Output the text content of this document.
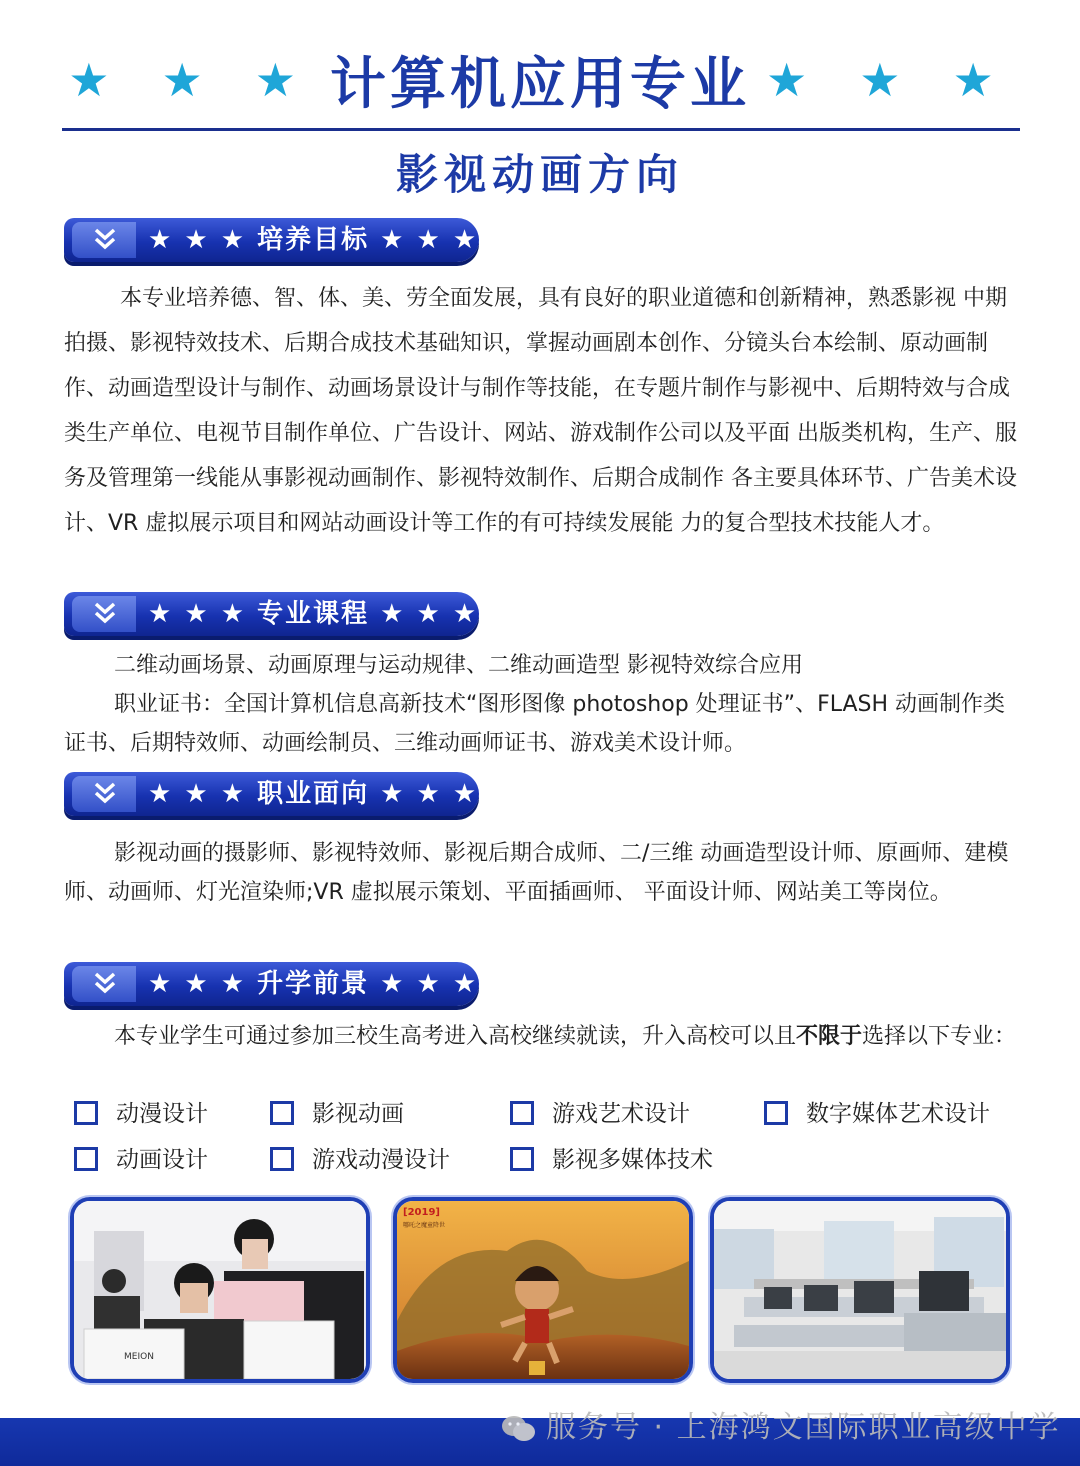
★ ★ ★ 计算机应用专业 ★ ★ ★
影视动画方向
★ ★ ★ 培养目标 ★ ★ ★
本专业培养德、智、体、美、劳全面发展，具有良好的职业道德和创新精神，熟悉影视 中期拍摄、影视特效技术、后期合成技术基础知识，掌握动画剧本创作、分镜头台本绘制、原动画制作、动画造型设计与制作、动画场景设计与制作等技能，在专题片制作与影视中、后期特效与合成类生产单位、电视节目制作单位、广告设计、网站、游戏制作公司以及平面 出版类机构，生产、服务及管理第一线能从事影视动画制作、影视特效制作、后期合成制作 各主要具体环节、广告美术设计、VR 虚拟展示项目和网站动画设计等工作的有可持续发展能 力的复合型技术技能人才。
★ ★ ★ 专业课程 ★ ★ ★
二维动画场景、动画原理与运动规律、二维动画造型 影视特效综合应用
职业证书：全国计算机信息高新技术“图形图像 photoshop 处理证书”、FLASH 动画制作类证书、后期特效师、动画绘制员、三维动画师证书、游戏美术设计师。
★ ★ ★ 职业面向 ★ ★ ★
影视动画的摄影师、影视特效师、影视后期合成师、二/三维 动画造型设计师、原画师、建模师、动画师、灯光渲染师;VR 虚拟展示策划、平面插画师、 平面设计师、网站美工等岗位。
★ ★ ★ 升学前景 ★ ★ ★
本专业学生可通过参加三校生高考进入高校继续就读，升入高校可以且不限于选择以下专业：
动漫设计	影视动画	游戏艺术设计	数字媒体艺术设计
动画设计	游戏动漫设计	影视多媒体技术
MEION
[2019]
哪吒之魔童降世
服务号 · 上海鸿文国际职业高级中学
